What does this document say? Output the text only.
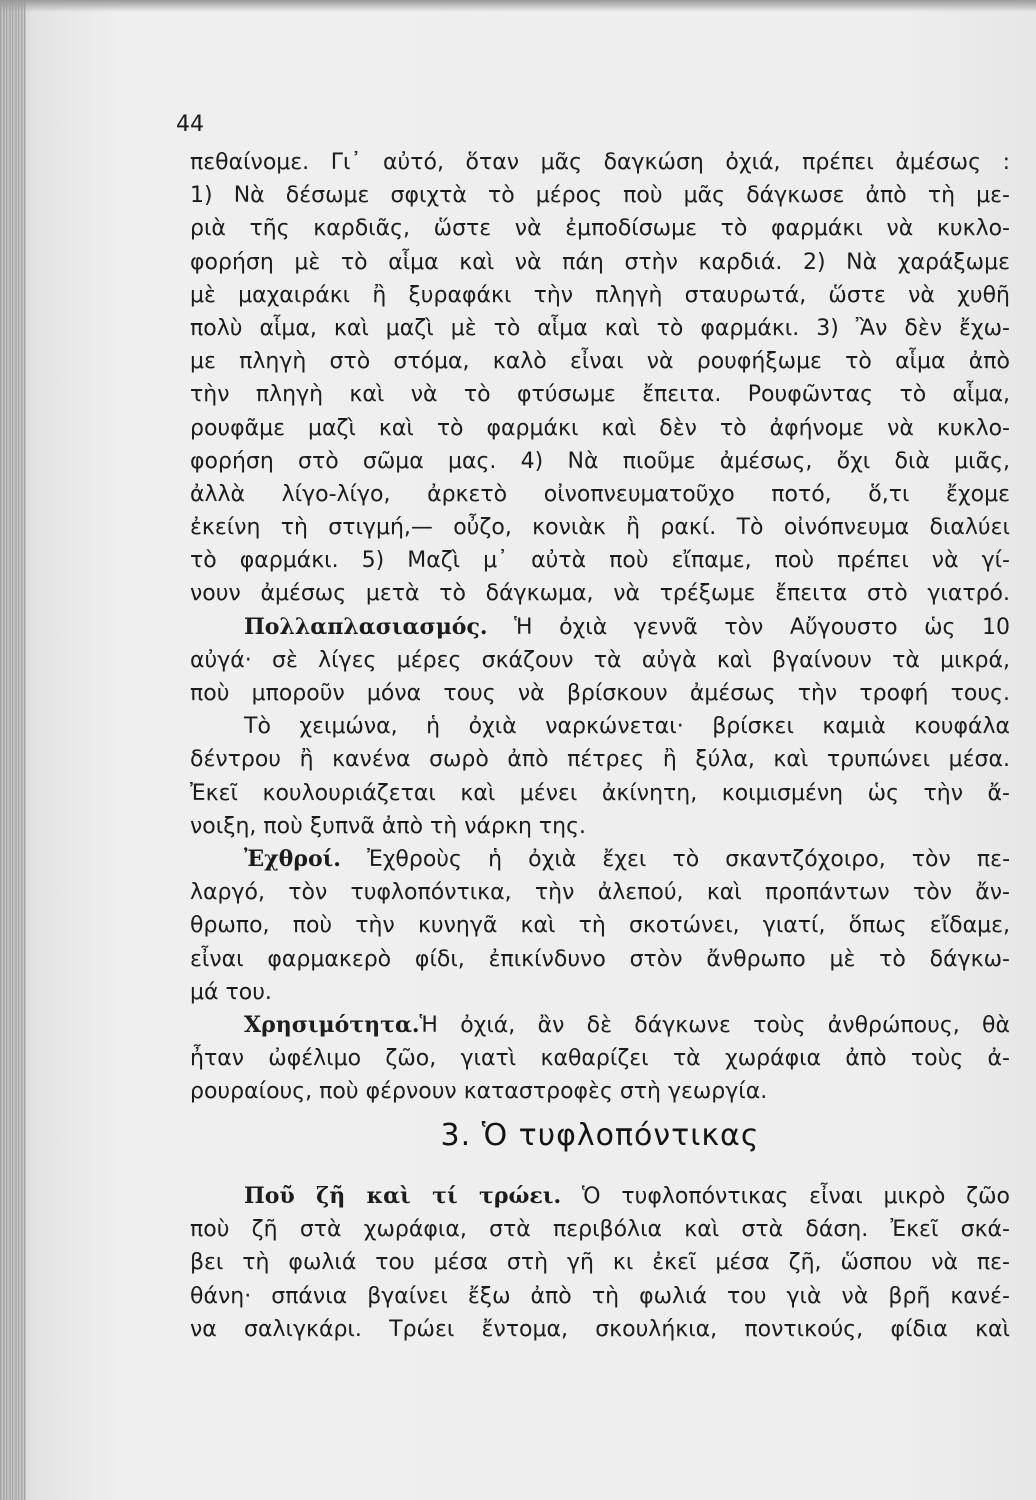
44
πεθαίνομε. Γι᾽ αὐτό, ὅταν μᾶς δαγκώση ὀχιά, πρέπει ἀμέσως :
1) Νὰ δέσωμε σφιχτὰ τὸ μέρος ποὺ μᾶς δάγκωσε ἀπὸ τὴ με-
ριὰ τῆς καρδιᾶς, ὥστε νὰ ἐμποδίσωμε τὸ φαρμάκι νὰ κυκλο-
φορήση μὲ τὸ αἷμα καὶ νὰ πάη στὴν καρδιά. 2) Νὰ χαράξωμε
μὲ μαχαιράκι ἢ ξυραφάκι τὴν πληγὴ σταυρωτά, ὥστε νὰ χυθῆ
πολὺ αἷμα, καὶ μαζὶ μὲ τὸ αἷμα καὶ τὸ φαρμάκι. 3) Ἂν δὲν ἔχω-
με πληγὴ στὸ στόμα, καλὸ εἶναι νὰ ρουφήξωμε τὸ αἷμα ἀπὸ
τὴν πληγὴ καὶ νὰ τὸ φτύσωμε ἔπειτα. Ρουφῶντας τὸ αἷμα,
ρουφᾶμε μαζὶ καὶ τὸ φαρμάκι καὶ δὲν τὸ ἀφήνομε νὰ κυκλο-
φορήση στὸ σῶμα μας. 4) Νὰ πιοῦμε ἀμέσως, ὄχι διὰ μιᾶς,
ἀλλὰ λίγο-λίγο, ἀρκετὸ οἰνοπνευματοῦχο ποτό, ὅ,τι ἔχομε
ἐκείνη τὴ στιγμή,— οὖζο, κονιὰκ ἢ ρακί. Τὸ οἰνόπνευμα διαλύει
τὸ φαρμάκι. 5) Μαζὶ μ᾽ αὐτὰ ποὺ εἴπαμε, ποὺ πρέπει νὰ γί-
νουν ἀμέσως μετὰ τὸ δάγκωμα, νὰ τρέξωμε ἔπειτα στὸ γιατρό.
Πολλαπλασιασμός. Ἡ ὀχιὰ γεννᾶ τὸν Αὔγουστο ὡς 10
αὐγά· σὲ λίγες μέρες σκάζουν τὰ αὐγὰ καὶ βγαίνουν τὰ μικρά,
ποὺ μποροῦν μόνα τους νὰ βρίσκουν ἀμέσως τὴν τροφή τους.
Τὸ χειμώνα, ἡ ὀχιὰ ναρκώνεται· βρίσκει καμιὰ κουφάλα
δέντρου ἢ κανένα σωρὸ ἀπὸ πέτρες ἢ ξύλα, καὶ τρυπώνει μέσα.
Ἐκεῖ κουλουριάζεται καὶ μένει ἀκίνητη, κοιμισμένη ὡς τὴν ἄ-
νοιξη, ποὺ ξυπνᾶ ἀπὸ τὴ νάρκη της.
Ἐχθροί. Ἐχθροὺς ἡ ὀχιὰ ἔχει τὸ σκαντζόχοιρο, τὸν πε-
λαργό, τὸν τυφλοπόντικα, τὴν ἀλεπού, καὶ προπάντων τὸν ἄν-
θρωπο, ποὺ τὴν κυνηγᾶ καὶ τὴ σκοτώνει, γιατί, ὅπως εἴδαμε,
εἶναι φαρμακερὸ φίδι, ἐπικίνδυνο στὸν ἄνθρωπο μὲ τὸ δάγκω-
μά του.
Χρησιμότητα.Ἡ ὀχιά, ἂν δὲ δάγκωνε τοὺς ἀνθρώπους, θὰ
ἦταν ὠφέλιμο ζῶο, γιατὶ καθαρίζει τὰ χωράφια ἀπὸ τοὺς ἀ-
ρουραίους, ποὺ φέρνουν καταστροφὲς στὴ γεωργία.
3. Ὁ τυφλοπόντικας
Ποῦ ζῆ καὶ τί τρώει. Ὁ τυφλοπόντικας εἶναι μικρὸ ζῶο
ποὺ ζῆ στὰ χωράφια, στὰ περιβόλια καὶ στὰ δάση. Ἐκεῖ σκά-
βει τὴ φωλιά του μέσα στὴ γῆ κι ἐκεῖ μέσα ζῆ, ὥσπου νὰ πε-
θάνη· σπάνια βγαίνει ἔξω ἀπὸ τὴ φωλιά του γιὰ νὰ βρῆ κανέ-
να σαλιγκάρι. Τρώει ἔντομα, σκουλήκια, ποντικούς, φίδια καὶ
